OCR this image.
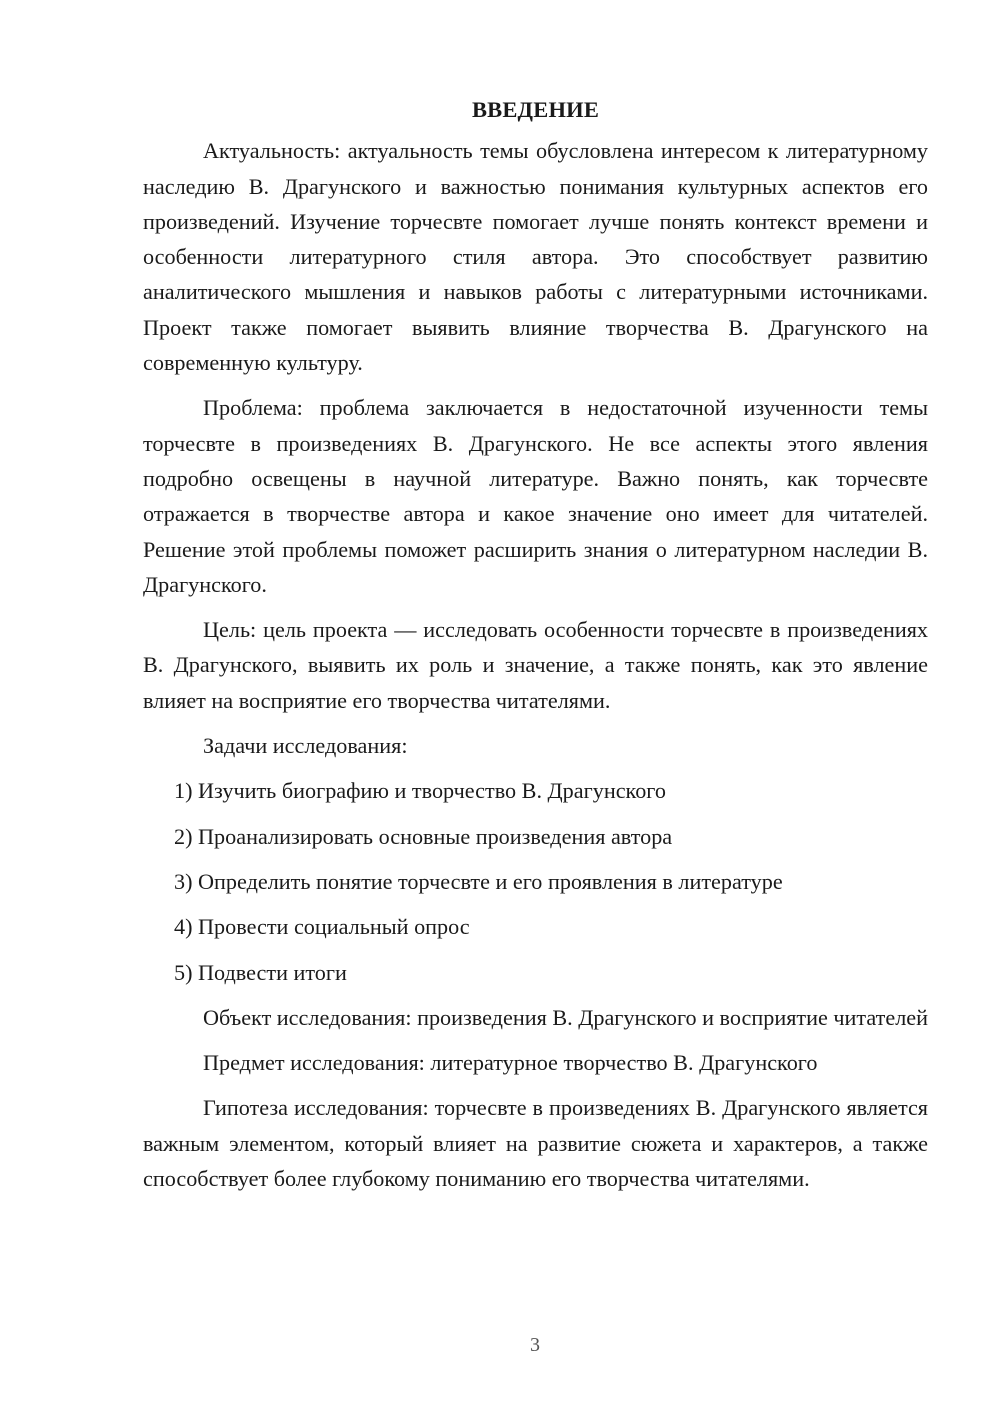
ВВЕДЕНИЕ

Актуальность: актуальность темы обусловлена интересом к литературному наследию В. Драгунского и важностью понимания культурных аспектов его произведений. Изучение торчесвте помогает лучше понять контекст времени и особенности литературного стиля автора. Это способствует развитию аналитического мышления и навыков работы с литературными источниками. Проект также помогает выявить влияние творчества В. Драгунского на современную культуру.

Проблема: проблема заключается в недостаточной изученности темы торчесвте в произведениях В. Драгунского. Не все аспекты этого явления подробно освещены в научной литературе. Важно понять, как торчесвте отражается в творчестве автора и какое значение оно имеет для читателей. Решение этой проблемы поможет расширить знания о литературном наследии В. Драгунского.

Цель: цель проекта — исследовать особенности торчесвте в произведениях В. Драгунского, выявить их роль и значение, а также понять, как это явление влияет на восприятие его творчества читателями.

Задачи исследования:

1) Изучить биографию и творчество В. Драгунского
2) Проанализировать основные произведения автора
3) Определить понятие торчесвте и его проявления в литературе
4) Провести социальный опрос
5) Подвести итоги

Объект исследования: произведения В. Драгунского и восприятие читателей

Предмет исследования: литературное творчество В. Драгунского

Гипотеза исследования: торчесвте в произведениях В. Драгунского является важным элементом, который влияет на развитие сюжета и характеров, а также способствует более глубокому пониманию его творчества читателями.

3
